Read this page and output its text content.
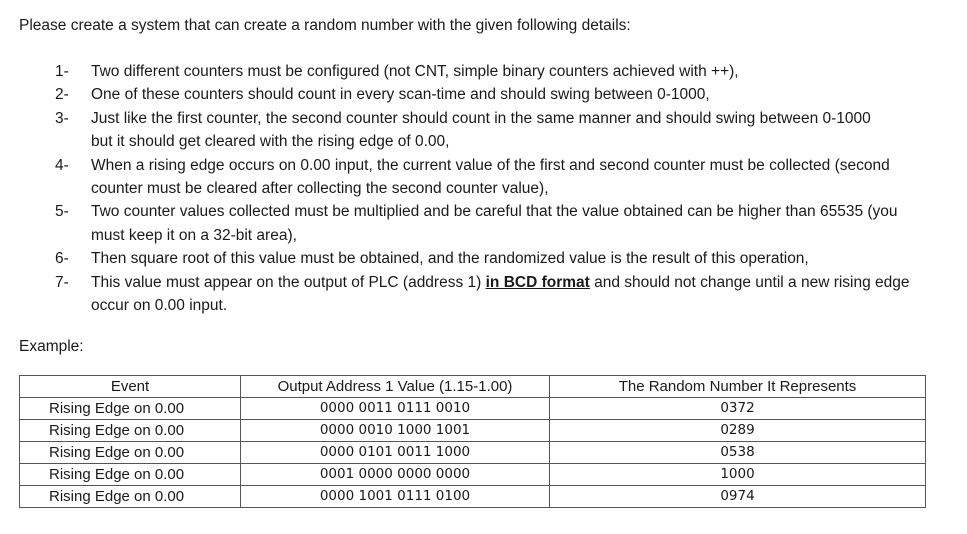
Please create a system that can create a random number with the given following details:
1- Two different counters must be configured (not CNT, simple binary counters achieved with ++),
2- One of these counters should count in every scan-time and should swing between 0-1000,
3- Just like the first counter, the second counter should count in the same manner and should swing between 0-1000 but it should get cleared with the rising edge of 0.00,
4- When a rising edge occurs on 0.00 input, the current value of the first and second counter must be collected (second counter must be cleared after collecting the second counter value),
5- Two counter values collected must be multiplied and be careful that the value obtained can be higher than 65535 (you must keep it on a 32-bit area),
6- Then square root of this value must be obtained, and the randomized value is the result of this operation,
7- This value must appear on the output of PLC (address 1) in BCD format and should not change until a new rising edge occur on 0.00 input.
Example:
Event	Output Address 1 Value (1.15-1.00)	The Random Number It Represents
Rising Edge on 0.00	0000 0011 0111 0010	0372
Rising Edge on 0.00	0000 0010 1000 1001	0289
Rising Edge on 0.00	0000 0101 0011 1000	0538
Rising Edge on 0.00	0001 0000 0000 0000	1000
Rising Edge on 0.00	0000 1001 0111 0100	0974
